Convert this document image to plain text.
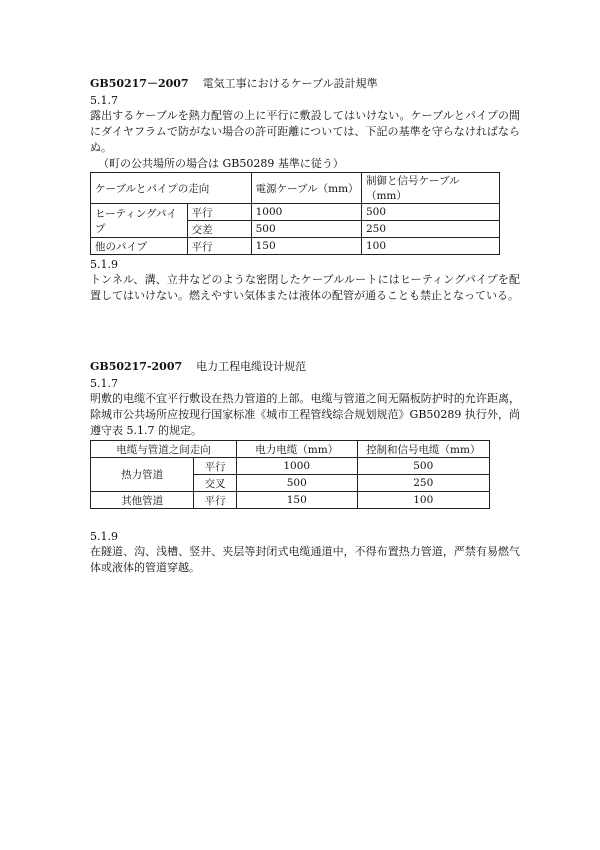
GB50217－2007 電気工事におけるケーブル設計規準
5.1.7
露出するケーブルを熱力配管の上に平行に敷設してはいけない。ケーブルとパイプの間にダイヤフラムで防がない場合の許可距離については、下記の基準を守らなければならぬ。
（町の公共場所の場合は GB50289 基準に従う）
ケーブルとパイプの走向		電源ケーブル（mm）	制御と信号ケーブル（mm）
ヒーティングパイプ	平行	1000	500
	交差	500	250
他のパイプ	平行	150	100
5.1.9
トンネル、溝、立井などのような密閉したケーブルルートにはヒーティングパイプを配置してはいけない。燃えやすい気体または液体の配管が通ることも禁止となっている。
GB50217-2007 电力工程电缆设计规范
5.1.7
明敷的电缆不宜平行敷设在热力管道的上部。电缆与管道之间无隔板防护时的允许距离，除城市公共场所应按现行国家标准《城市工程管线综合规划规范》GB50289 执行外，尚遵守表 5.1.7 的规定。
电缆与管道之间走向		电力电缆（mm）	控制和信号电缆（mm）
热力管道	平行	1000	500
	交叉	500	250
其他管道	平行	150	100
5.1.9
在隧道、沟、浅槽、竖井、夹层等封闭式电缆通道中，不得布置热力管道，严禁有易燃气体或液体的管道穿越。
